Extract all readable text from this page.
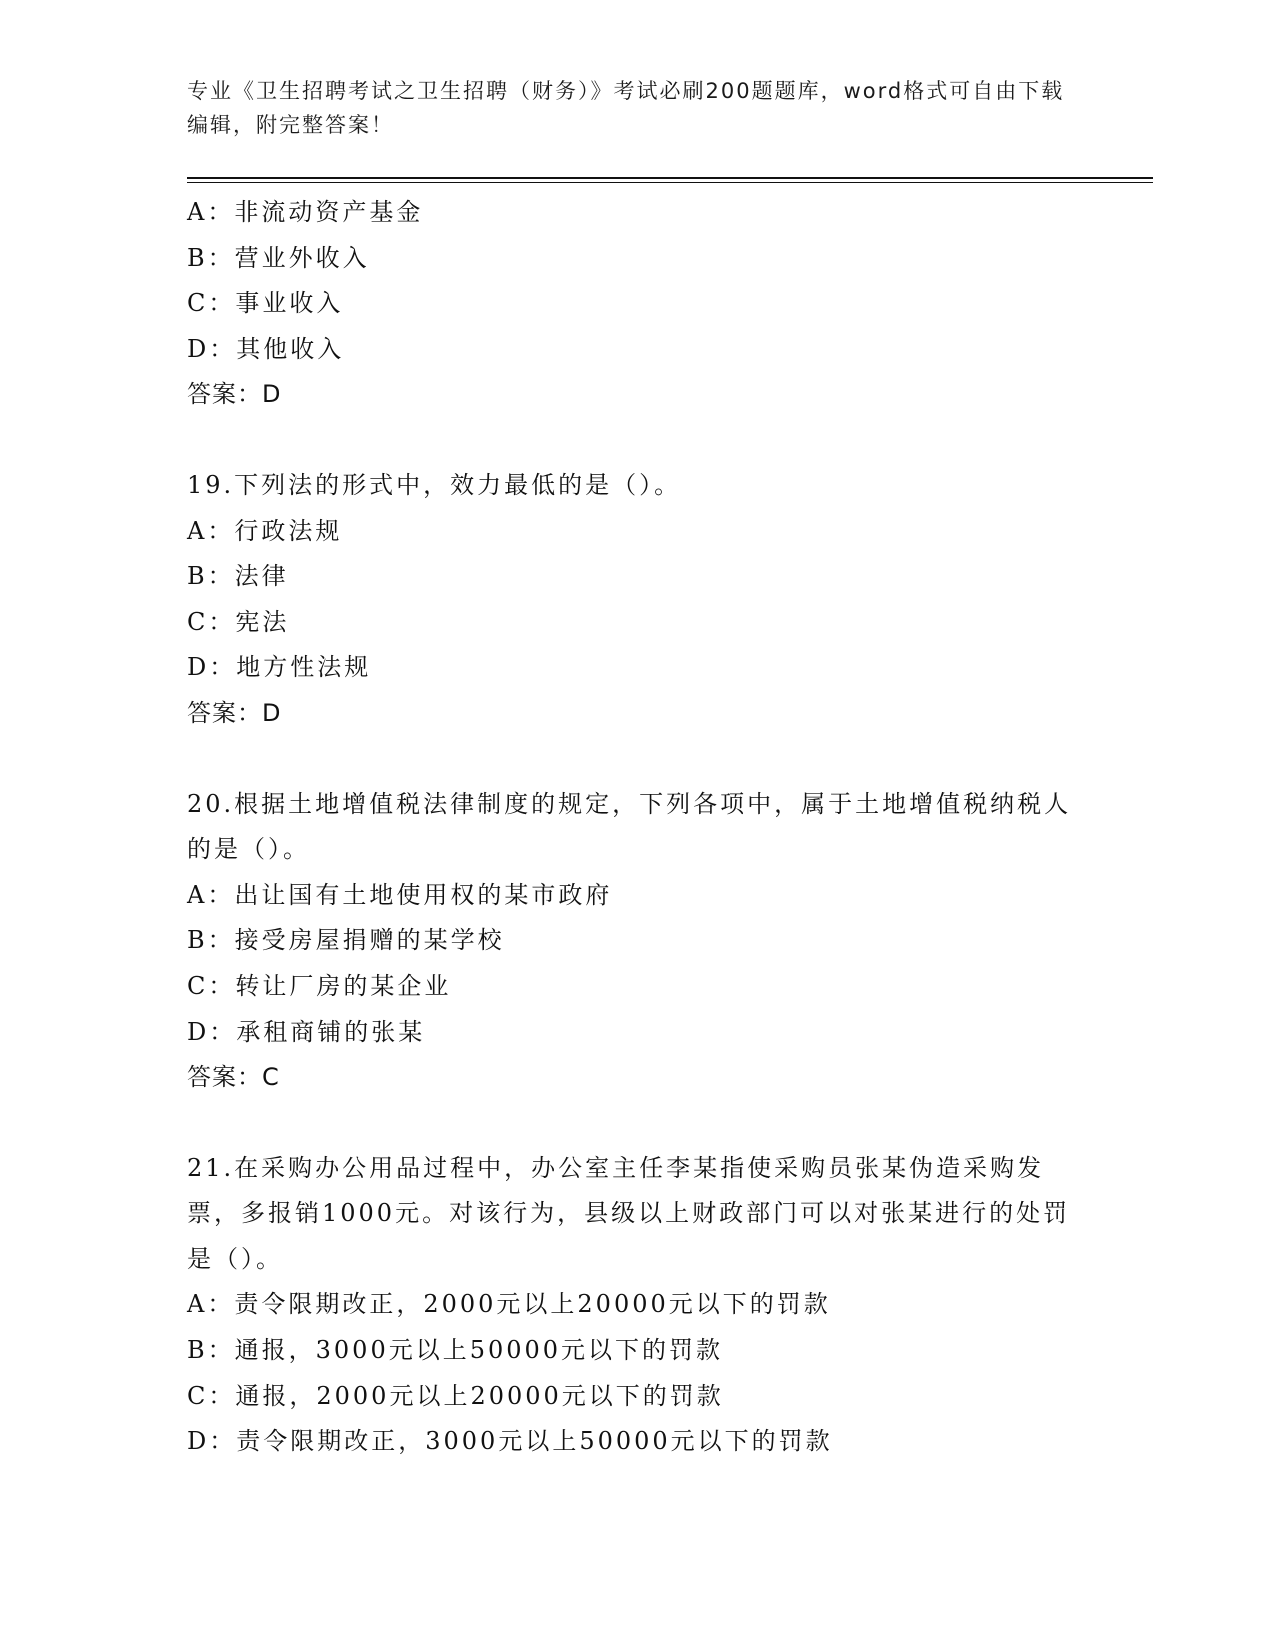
专业《卫生招聘考试之卫生招聘（财务）》考试必刷200题题库，word格式可自由下载编辑，附完整答案！
A：非流动资产基金
B：营业外收入
C：事业收入
D：其他收入
答案：D
19.下列法的形式中，效力最低的是（）。
A：行政法规
B：法律
C：宪法
D：地方性法规
答案：D
20.根据土地增值税法律制度的规定，下列各项中，属于土地增值税纳税人的是（）。
A：出让国有土地使用权的某市政府
B：接受房屋捐赠的某学校
C：转让厂房的某企业
D：承租商铺的张某
答案：C
21.在采购办公用品过程中，办公室主任李某指使采购员张某伪造采购发票，多报销1000元。对该行为，县级以上财政部门可以对张某进行的处罚是（）。
A：责令限期改正，2000元以上20000元以下的罚款
B：通报，3000元以上50000元以下的罚款
C：通报，2000元以上20000元以下的罚款
D：责令限期改正，3000元以上50000元以下的罚款
